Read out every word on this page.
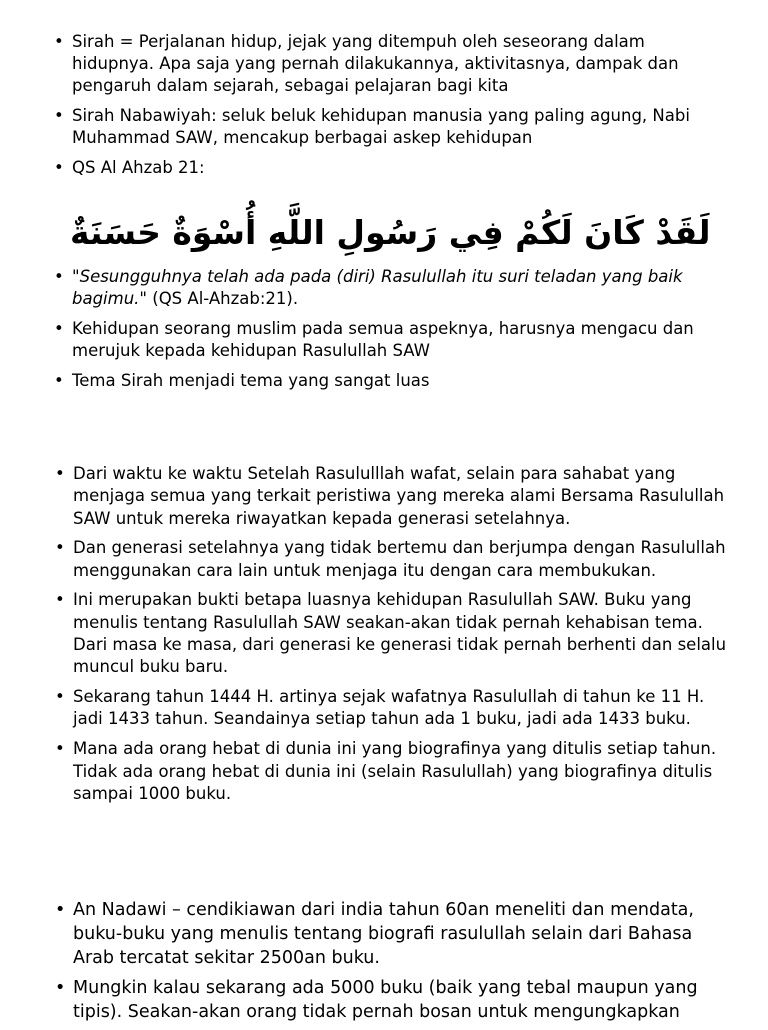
• Sirah = Perjalanan hidup, jejak yang ditempuh oleh seseorang dalam hidupnya. Apa saja yang pernah dilakukannya, aktivitasnya, dampak dan pengaruh dalam sejarah, sebagai pelajaran bagi kita
• Sirah Nabawiyah: seluk beluk kehidupan manusia yang paling agung, Nabi Muhammad SAW, mencakup berbagai askep kehidupan
• QS Al Ahzab 21:
لَقَدْ كَانَ لَكُمْ فِي رَسُولِ اللَّهِ أُسْوَةٌ حَسَنَةٌ
• "Sesungguhnya telah ada pada (diri) Rasulullah itu suri teladan yang baik bagimu." (QS Al-Ahzab:21).
• Kehidupan seorang muslim pada semua aspeknya, harusnya mengacu dan merujuk kepada kehidupan Rasulullah SAW
• Tema Sirah menjadi tema yang sangat luas
• Dari waktu ke waktu Setelah Rasululllah wafat, selain para sahabat yang menjaga semua yang terkait peristiwa yang mereka alami Bersama Rasulullah SAW untuk mereka riwayatkan kepada generasi setelahnya.
• Dan generasi setelahnya yang tidak bertemu dan berjumpa dengan Rasulullah menggunakan cara lain untuk menjaga itu dengan cara membukukan.
• Ini merupakan bukti betapa luasnya kehidupan Rasulullah SAW. Buku yang menulis tentang Rasulullah SAW seakan-akan tidak pernah kehabisan tema. Dari masa ke masa, dari generasi ke generasi tidak pernah berhenti dan selalu muncul buku baru.
• Sekarang tahun 1444 H. artinya sejak wafatnya Rasulullah di tahun ke 11 H. jadi 1433 tahun. Seandainya setiap tahun ada 1 buku, jadi ada 1433 buku.
• Mana ada orang hebat di dunia ini yang biografinya yang ditulis setiap tahun. Tidak ada orang hebat di dunia ini (selain Rasulullah) yang biografinya ditulis sampai 1000 buku.
• An Nadawi – cendikiawan dari india tahun 60an meneliti dan mendata, buku-buku yang menulis tentang biografi rasulullah selain dari Bahasa Arab tercatat sekitar 2500an buku.
• Mungkin kalau sekarang ada 5000 buku (baik yang tebal maupun yang tipis). Seakan-akan orang tidak pernah bosan untuk mengungkapkan
